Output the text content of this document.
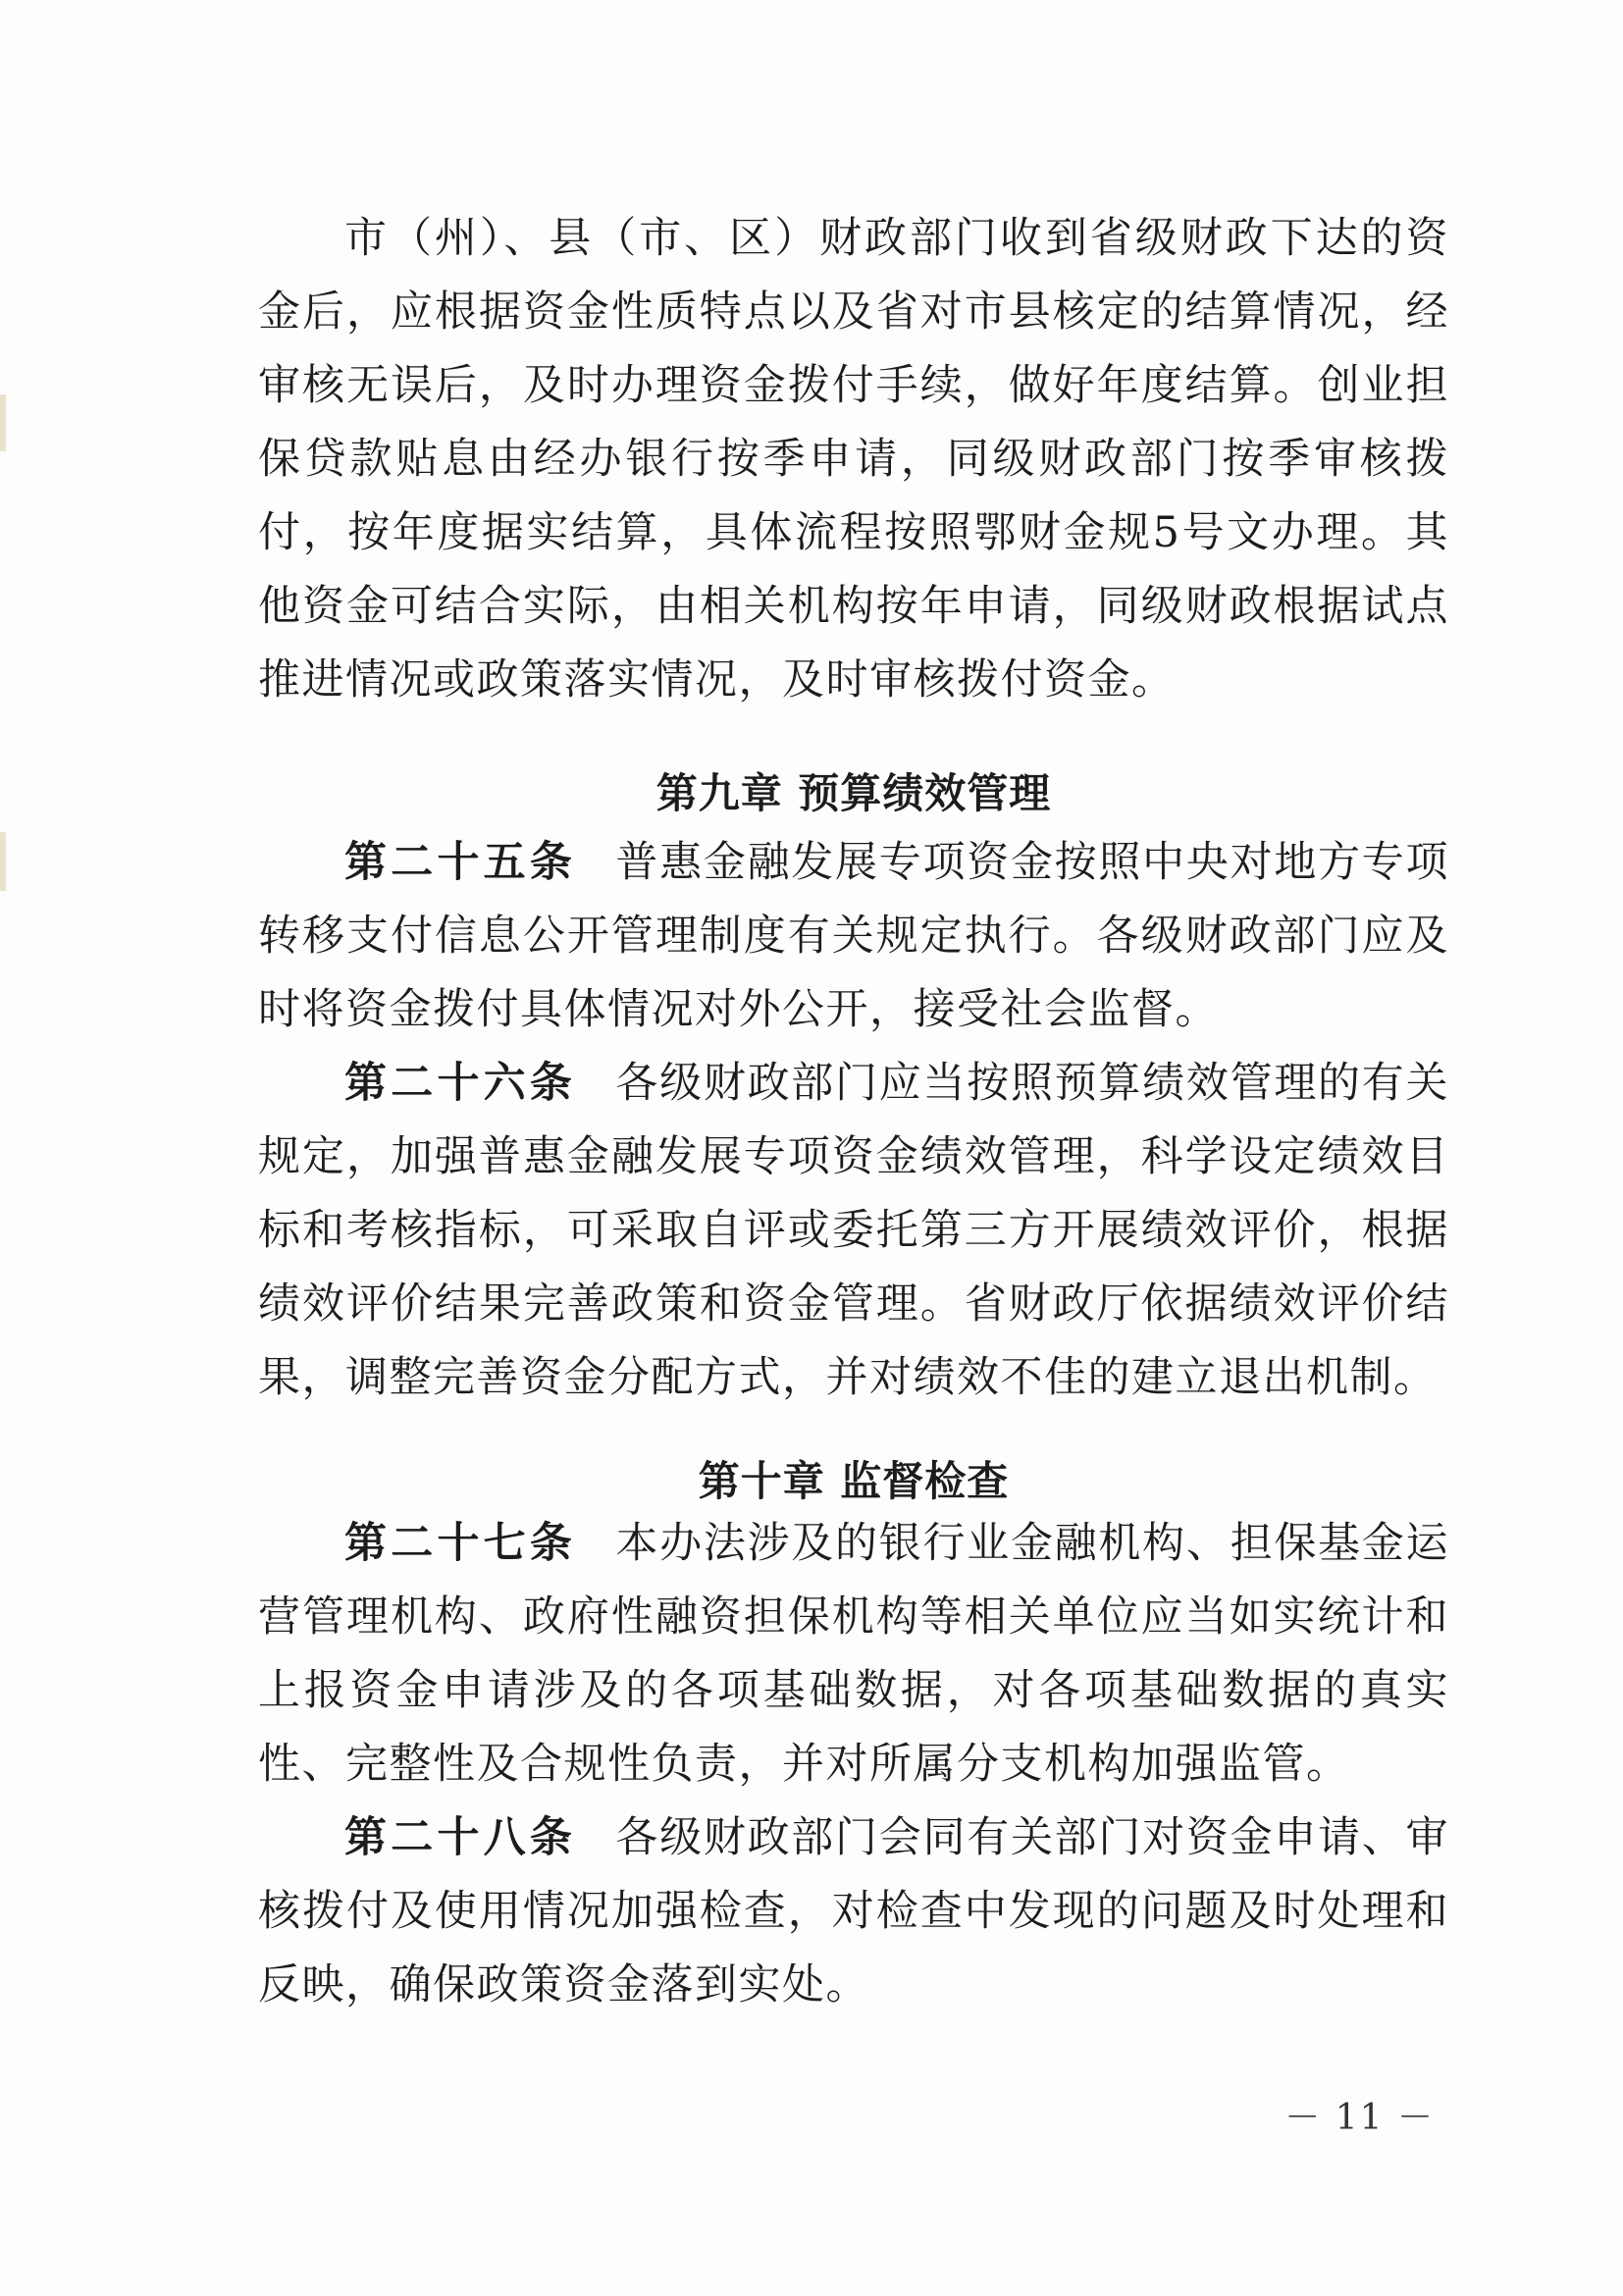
市（州）、县（市、区）财政部门收到省级财政下达的资金后，应根据资金性质特点以及省对市县核定的结算情况，经审核无误后，及时办理资金拨付手续，做好年度结算。创业担保贷款贴息由经办银行按季申请，同级财政部门按季审核拨付，按年度据实结算，具体流程按照鄂财金规5号文办理。其他资金可结合实际，由相关机构按年申请，同级财政根据试点推进情况或政策落实情况，及时审核拨付资金。

第九章 预算绩效管理

第二十五条 普惠金融发展专项资金按照中央对地方专项转移支付信息公开管理制度有关规定执行。各级财政部门应及时将资金拨付具体情况对外公开，接受社会监督。

第二十六条 各级财政部门应当按照预算绩效管理的有关规定，加强普惠金融发展专项资金绩效管理，科学设定绩效目标和考核指标，可采取自评或委托第三方开展绩效评价，根据绩效评价结果完善政策和资金管理。省财政厅依据绩效评价结果，调整完善资金分配方式，并对绩效不佳的建立退出机制。

第十章 监督检查

第二十七条 本办法涉及的银行业金融机构、担保基金运营管理机构、政府性融资担保机构等相关单位应当如实统计和上报资金申请涉及的各项基础数据，对各项基础数据的真实性、完整性及合规性负责，并对所属分支机构加强监管。

第二十八条 各级财政部门会同有关部门对资金申请、审核拨付及使用情况加强检查，对检查中发现的问题及时处理和反映，确保政策资金落到实处。

－ 11 －
